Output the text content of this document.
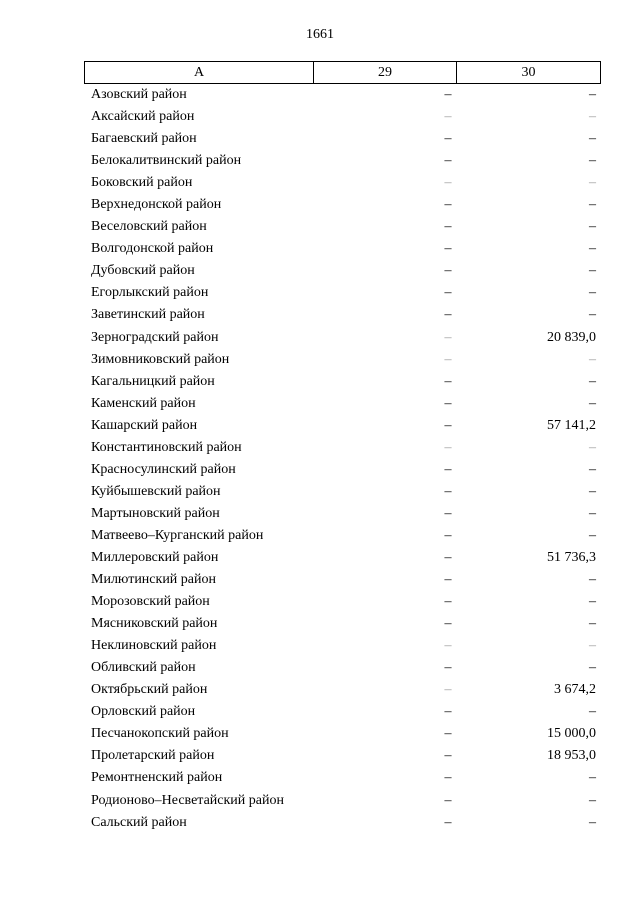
1661
А	29	30
Азовский район	–	–
Аксайский район	–	–
Багаевский район	–	–
Белокалитвинский район	–	–
Боковский район	–	–
Верхнедонской район	–	–
Веселовский район	–	–
Волгодонской район	–	–
Дубовский район	–	–
Егорлыкский район	–	–
Заветинский район	–	–
Зерноградский район	–	20 839,0
Зимовниковский район	–	–
Кагальницкий район	–	–
Каменский район	–	–
Кашарский район	–	57 141,2
Константиновский район	–	–
Красносулинский район	–	–
Куйбышевский район	–	–
Мартыновский район	–	–
Матвеево–Курганский район	–	–
Миллеровский район	–	51 736,3
Милютинский район	–	–
Морозовский район	–	–
Мясниковский район	–	–
Неклиновский район	–	–
Обливский район	–	–
Октябрьский район	–	3 674,2
Орловский район	–	–
Песчанокопский район	–	15 000,0
Пролетарский район	–	18 953,0
Ремонтненский район	–	–
Родионово–Несветайский район	–	–
Сальский район	–	–
